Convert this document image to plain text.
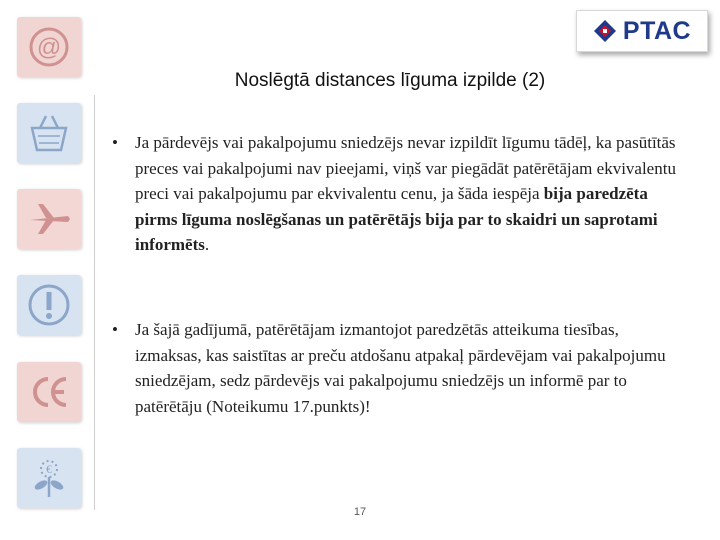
@
€
PTAC
Noslēgtā distances līguma izpilde (2)
• Ja pārdevējs vai pakalpojumu sniedzējs nevar izpildīt līgumu tādēļ, ka pasūtītās preces vai pakalpojumi nav pieejami, viņš var piegādāt patērētājam ekvivalentu preci vai pakalpojumu par ekvivalentu cenu, ja šāda iespēja bija paredzēta pirms līguma noslēgšanas un patērētājs bija par to skaidri un saprotami informēts.
• Ja šajā gadījumā, patērētājam izmantojot paredzētās atteikuma tiesības, izmaksas, kas saistītas ar preču atdošanu atpakaļ pārdevējam vai pakalpojumu sniedzējam, sedz pārdevējs vai pakalpojumu sniedzējs un informē par to patērētāju (Noteikumu 17.punkts)!
17
